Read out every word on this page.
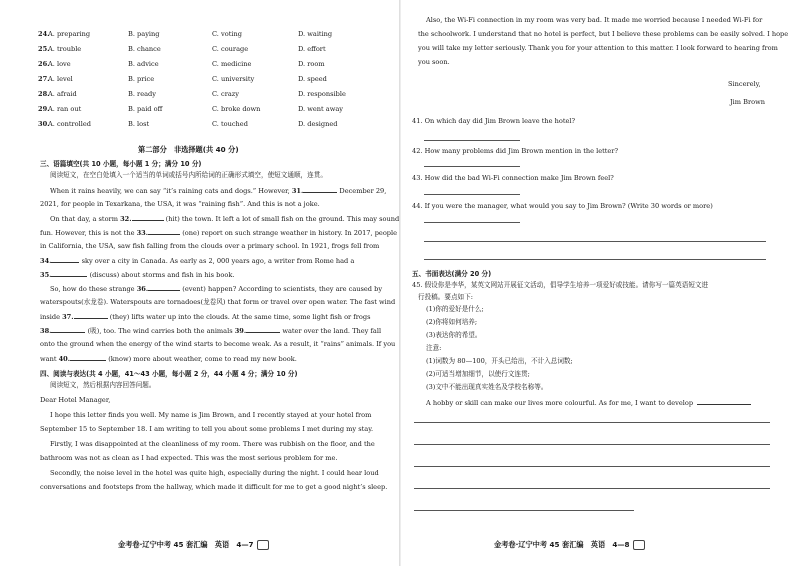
24.
A. preparing	B. paying	C. voting	D. waiting
25.
A. trouble	B. chance	C. courage	D. effort
26.
A. love	B. advice	C. medicine	D. room
27.
A. level	B. price	C. university	D. speed
28.
A. afraid	B. ready	C. crazy	D. responsible
29.
A. ran out	B. paid off	C. broke down	D. went away
30.
A. controlled	B. lost	C. touched	D. designed
第二部分　非选择题(共 40 分)
三、语篇填空(共 10 小题，每小题 1 分；满分 10 分)
阅读短文，在空白处填入一个适当的单词或括号内所给词的正确形式填空，使短文通顺，连贯。
When it rains heavily, we can say “it’s raining cats and dogs.” However, 31.	December 29,
2021, for people in Texarkana, the USA, it was “raining fish”. And this is not a joke.
On that day, a storm 32.	(hit) the town. It left a lot of small fish on the ground. This may sound
fun. However, this is not the 33.	(one) report on such strange weather in history. In 2017, people
in California, the USA, saw fish falling from the clouds over a primary school. In 1921, frogs fell from
34.	sky over a city in Canada. As early as 2, 000 years ago, a writer from Rome had a
35.	(discuss) about storms and fish in his book.
So, how do these strange 36.	(event) happen? According to scientists, they are caused by
waterspouts(水龙卷). Waterspouts are tornadoes(龙卷风) that form or travel over open water. The fast wind
inside 37.	(they) lifts water up into the clouds. At the same time, some light fish or frogs
38.	(吸), too. The wind carries both the animals 39.	water over the land. They fall
onto the ground when the energy of the wind starts to become weak. As a result, it “rains” animals. If you
want 40.	(know) more about weather, come to read my new book.
四、阅读与表达(共 4 小题，41～43 小题，每小题 2 分，44 小题 4 分；满分 10 分)
阅读短文，然后根据内容回答问题。
Dear Hotel Manager,
I hope this letter finds you well. My name is Jim Brown, and I recently stayed at your hotel from
September 15 to September 18. I am writing to tell you about some problems I met during my stay.
Firstly, I was disappointed at the cleanliness of my room. There was rubbish on the floor, and the
bathroom was not as clean as I had expected. This was the most serious problem for me.
Secondly, the noise level in the hotel was quite high, especially during the night. I could hear loud
conversations and footsteps from the hallway, which made it difficult for me to get a good night’s sleep.
金考卷·辽宁中考 45 套汇编　英语　4—7
Also, the Wi-Fi connection in my room was very bad. It made me worried because I needed Wi-Fi for
the schoolwork. I understand that no hotel is perfect, but I believe these problems can be easily solved. I hope
you will take my letter seriously. Thank you for your attention to this matter. I look forward to hearing from
you soon.
Sincerely,
Jim Brown
41. On which day did Jim Brown leave the hotel?
42. How many problems did Jim Brown mention in the letter?
43. How did the bad Wi-Fi connection make Jim Brown feel?
44. If you were the manager, what would you say to Jim Brown? (Write 30 words or more)
五、书面表达(满分 20 分)
45. 假设你是李华，某英文网站开展征文活动，倡导学生培养一项爱好或技能。请你写一篇英语短文进
行投稿。要点如下:
(1)你的爱好是什么;
(2)你将如何培养;
(3)表达你的希望。
注意:
(1)词数为 80—100，开头已给出，不计入总词数;
(2)可适当增加细节，以使行文连贯;
(3)文中不能出现真实姓名及学校名称等。
A hobby or skill can make our lives more colourful. As for me, I want to develop
金考卷·辽宁中考 45 套汇编　英语　4—8
